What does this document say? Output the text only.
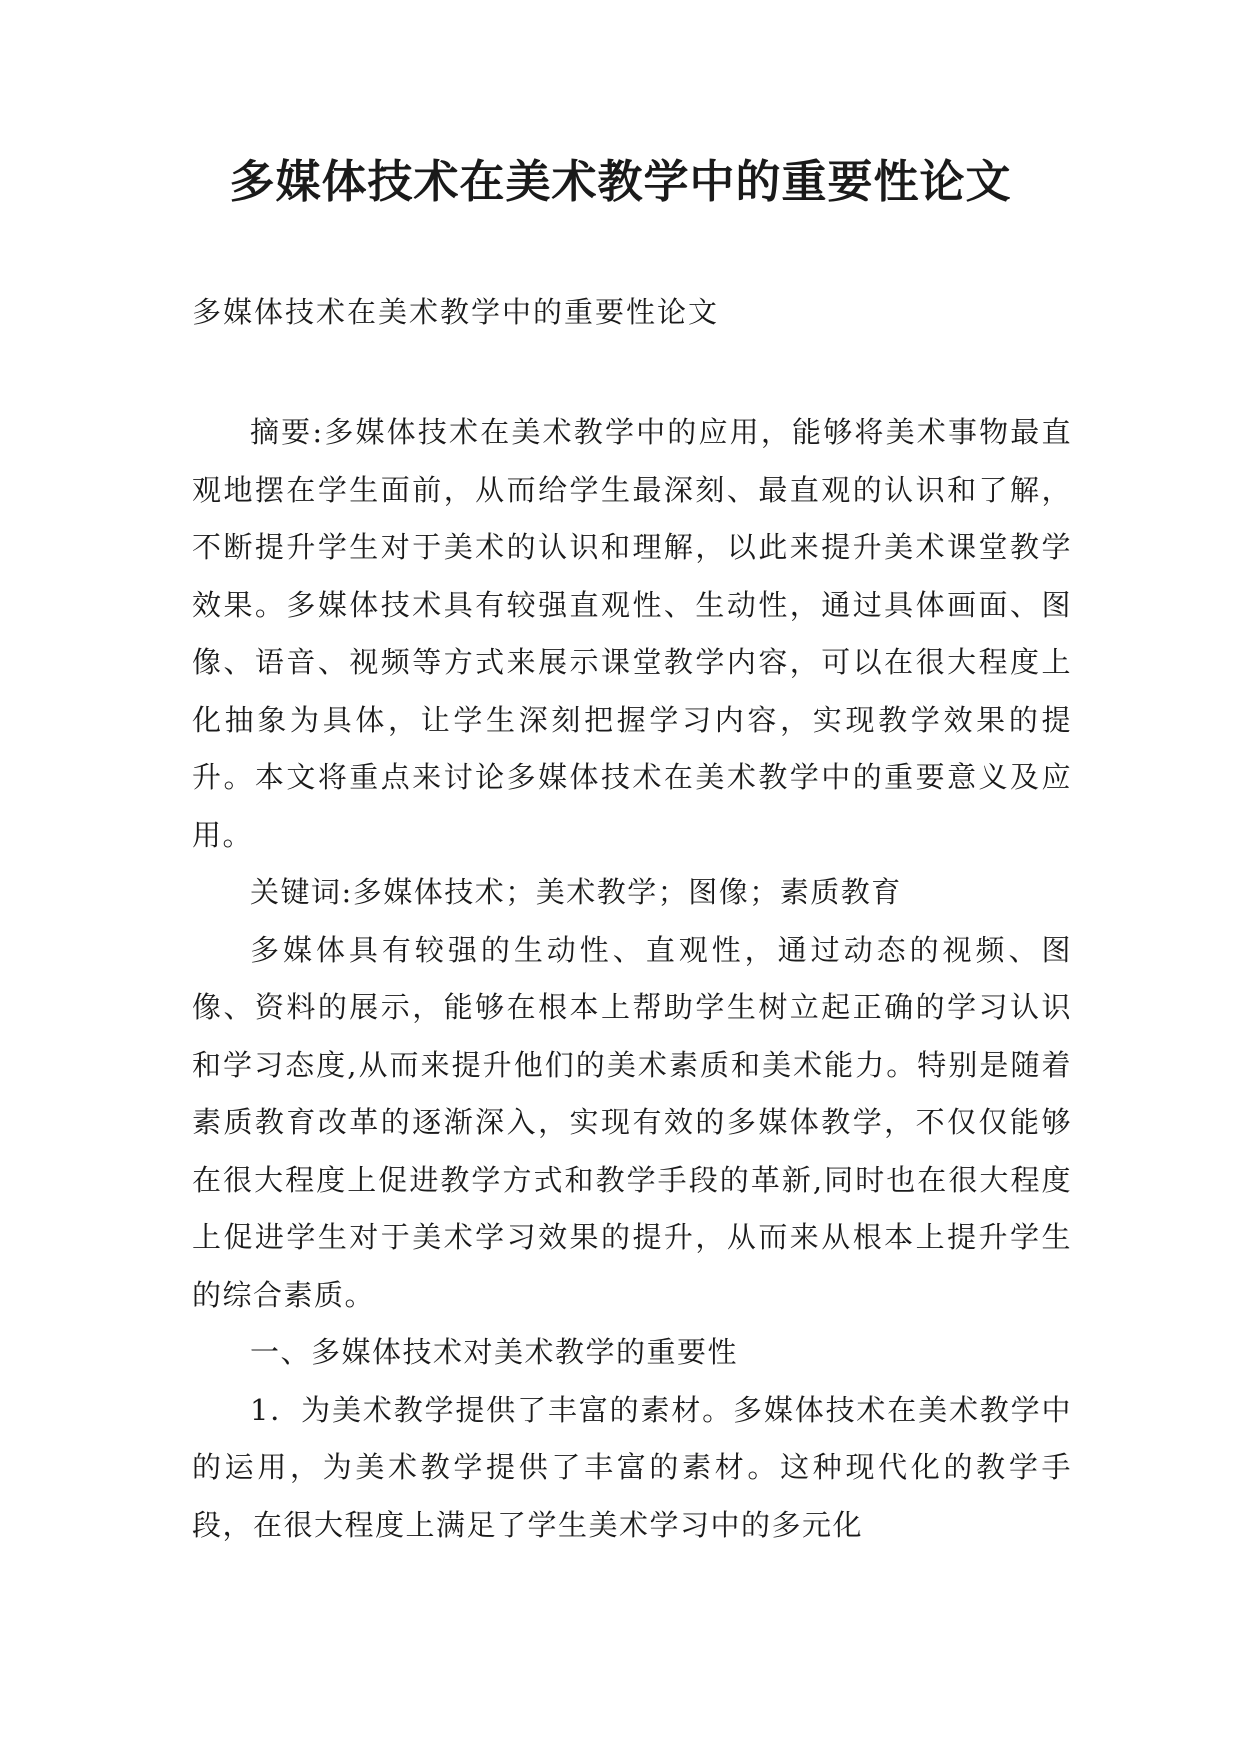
多媒体技术在美术教学中的重要性论文

多媒体技术在美术教学中的重要性论文

摘要:多媒体技术在美术教学中的应用，能够将美术事物最直观地摆在学生面前，从而给学生最深刻、最直观的认识和了解，不断提升学生对于美术的认识和理解，以此来提升美术课堂教学效果。多媒体技术具有较强直观性、生动性，通过具体画面、图像、语音、视频等方式来展示课堂教学内容，可以在很大程度上化抽象为具体，让学生深刻把握学习内容，实现教学效果的提升。本文将重点来讨论多媒体技术在美术教学中的重要意义及应用。

关键词:多媒体技术；美术教学；图像；素质教育

多媒体具有较强的生动性、直观性，通过动态的视频、图像、资料的展示，能够在根本上帮助学生树立起正确的学习认识和学习态度,从而来提升他们的美术素质和美术能力。特别是随着素质教育改革的逐渐深入，实现有效的多媒体教学，不仅仅能够在很大程度上促进教学方式和教学手段的革新,同时也在很大程度上促进学生对于美术学习效果的提升，从而来从根本上提升学生的综合素质。

一、多媒体技术对美术教学的重要性

1．为美术教学提供了丰富的素材。多媒体技术在美术教学中的运用，为美术教学提供了丰富的素材。这种现代化的教学手段，在很大程度上满足了学生美术学习中的多元化
